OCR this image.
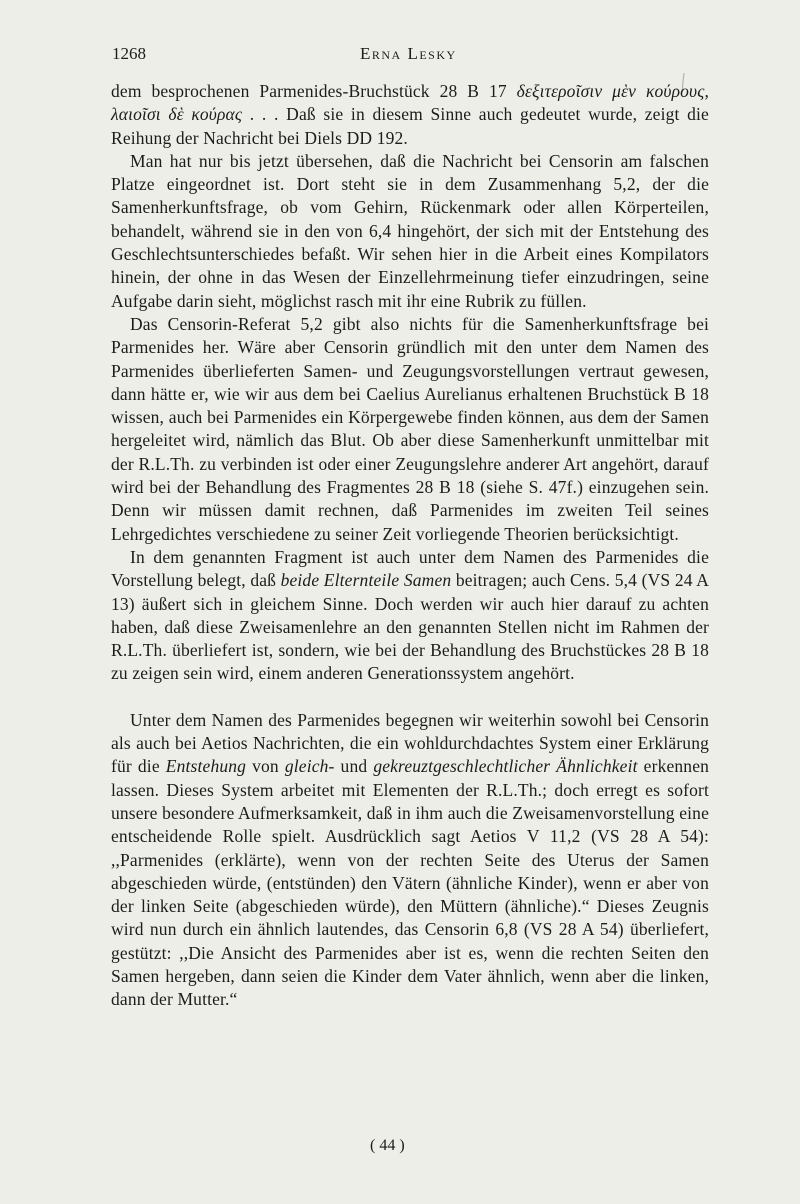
1268	Erna Lesky

dem besprochenen Parmenides-Bruchstück 28 B 17 δεξιτεροῖσιν μὲν κούρους, λαιοῖσι δὲ κούρας . . . Daß sie in diesem Sinne auch gedeutet wurde, zeigt die Reihung der Nachricht bei Diels DD 192.

Man hat nur bis jetzt übersehen, daß die Nachricht bei Censorin am falschen Platze eingeordnet ist. Dort steht sie in dem Zusammenhang 5,2, der die Samenherkunftsfrage, ob vom Gehirn, Rückenmark oder allen Körperteilen, behandelt, während sie in den von 6,4 hingehört, der sich mit der Entstehung des Geschlechtsunterschiedes befaßt. Wir sehen hier in die Arbeit eines Kompilators hinein, der ohne in das Wesen der Einzellehrmeinung tiefer einzudringen, seine Aufgabe darin sieht, möglichst rasch mit ihr eine Rubrik zu füllen.

Das Censorin-Referat 5,2 gibt also nichts für die Samenherkunftsfrage bei Parmenides her. Wäre aber Censorin gründlich mit den unter dem Namen des Parmenides überlieferten Samen- und Zeugungsvorstellungen vertraut gewesen, dann hätte er, wie wir aus dem bei Caelius Aurelianus erhaltenen Bruchstück B 18 wissen, auch bei Parmenides ein Körpergewebe finden können, aus dem der Samen hergeleitet wird, nämlich das Blut. Ob aber diese Samenherkunft unmittelbar mit der R.L.Th. zu verbinden ist oder einer Zeugungslehre anderer Art angehört, darauf wird bei der Behandlung des Fragmentes 28 B 18 (siehe S. 47f.) einzugehen sein. Denn wir müssen damit rechnen, daß Parmenides im zweiten Teil seines Lehrgedichtes verschiedene zu seiner Zeit vorliegende Theorien berücksichtigt.

In dem genannten Fragment ist auch unter dem Namen des Parmenides die Vorstellung belegt, daß beide Elternteile Samen beitragen; auch Cens. 5,4 (VS 24 A 13) äußert sich in gleichem Sinne. Doch werden wir auch hier darauf zu achten haben, daß diese Zweisamenlehre an den genannten Stellen nicht im Rahmen der R.L.Th. überliefert ist, sondern, wie bei der Behandlung des Bruchstückes 28 B 18 zu zeigen sein wird, einem anderen Generationssystem angehört.

Unter dem Namen des Parmenides begegnen wir weiterhin sowohl bei Censorin als auch bei Aetios Nachrichten, die ein wohldurchdachtes System einer Erklärung für die Entstehung von gleich- und gekreuztgeschlechtlicher Ähnlichkeit erkennen lassen. Dieses System arbeitet mit Elementen der R.L.Th.; doch erregt es sofort unsere besondere Aufmerksamkeit, daß in ihm auch die Zweisamenvorstellung eine entscheidende Rolle spielt. Ausdrücklich sagt Aetios V 11,2 (VS 28 A 54): ,,Parmenides (erklärte), wenn von der rechten Seite des Uterus der Samen abgeschieden würde, (entstünden) den Vätern (ähnliche Kinder), wenn er aber von der linken Seite (abgeschieden würde), den Müttern (ähnliche).“ Dieses Zeugnis wird nun durch ein ähnlich lautendes, das Censorin 6,8 (VS 28 A 54) überliefert, gestützt: ,,Die Ansicht des Parmenides aber ist es, wenn die rechten Seiten den Samen hergeben, dann seien die Kinder dem Vater ähnlich, wenn aber die linken, dann der Mutter.“

( 44 )
